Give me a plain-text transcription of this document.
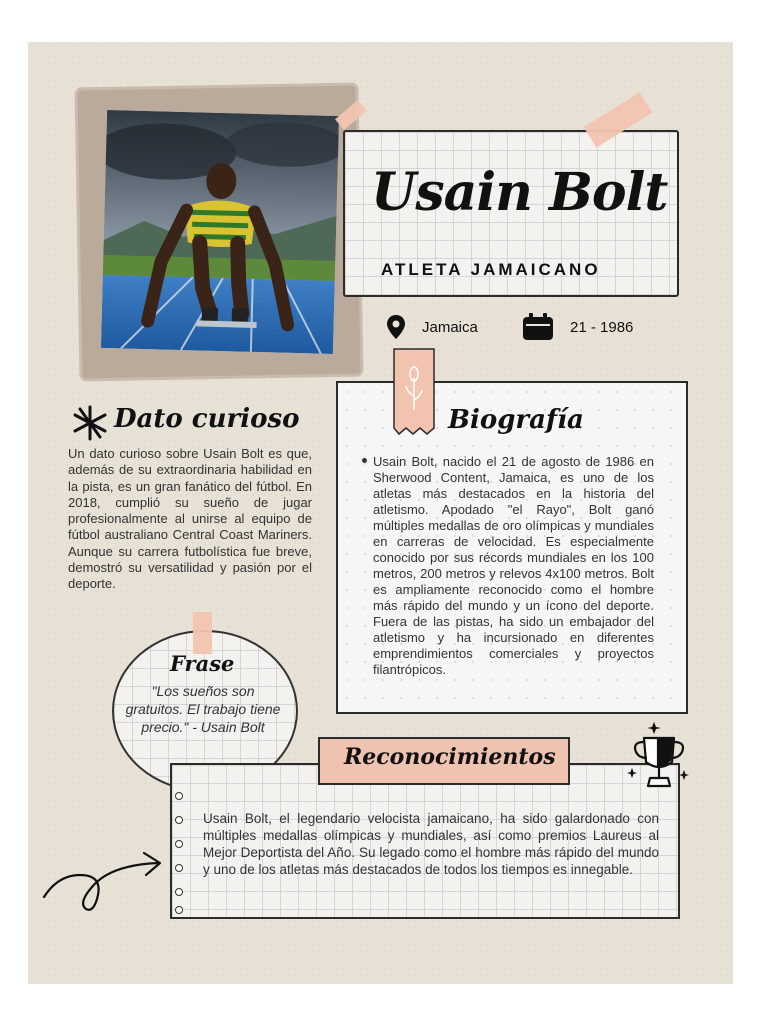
Usain Bolt
ATLETA JAMAICANO
Jamaica	21 - 1986
Dato curioso
Un dato curioso sobre Usain Bolt es que, además de su extraordinaria habilidad en la pista, es un gran fanático del fútbol. En 2018, cumplió su sueño de jugar profesionalmente al unirse al equipo de fútbol australiano Central Coast Mariners. Aunque su carrera futbolística fue breve, demostró su versatilidad y pasión por el deporte.
Frase
"Los sueños son gratuitos. El trabajo tiene precio." - Usain Bolt
Biografía
Usain Bolt, nacido el 21 de agosto de 1986 en Sherwood Content, Jamaica, es uno de los atletas más destacados en la historia del atletismo. Apodado "el Rayo", Bolt ganó múltiples medallas de oro olímpicas y mundiales en carreras de velocidad. Es especialmente conocido por sus récords mundiales en los 100 metros, 200 metros y relevos 4x100 metros. Bolt es ampliamente reconocido como el hombre más rápido del mundo y un ícono del deporte. Fuera de las pistas, ha sido un embajador del atletismo y ha incursionado en diferentes emprendimientos comerciales y proyectos filantrópicos.
Reconocimientos
Usain Bolt, el legendario velocista jamaicano, ha sido galardonado con múltiples medallas olímpicas y mundiales, así como premios Laureus al Mejor Deportista del Año. Su legado como el hombre más rápido del mundo y uno de los atletas más destacados de todos los tiempos es innegable.
